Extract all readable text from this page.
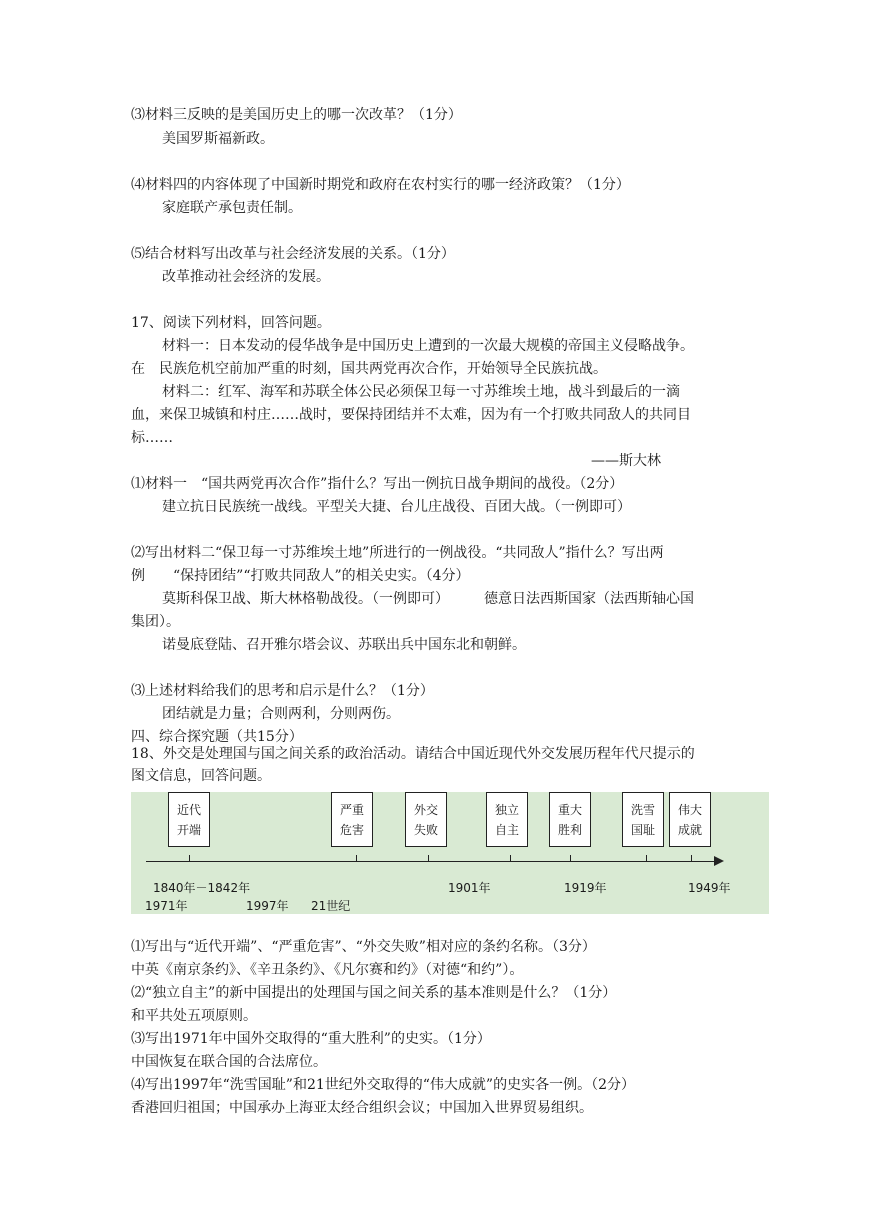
⑶材料三反映的是美国历史上的哪一次改革？（1分）
美国罗斯福新政。
⑷材料四的内容体现了中国新时期党和政府在农村实行的哪一经济政策？（1分）
家庭联产承包责任制。
⑸结合材料写出改革与社会经济发展的关系。（1分）
改革推动社会经济的发展。
17、阅读下列材料，回答问题。
材料一：日本发动的侵华战争是中国历史上遭到的一次最大规模的帝国主义侵略战争。
在　民族危机空前加严重的时刻，国共两党再次合作，开始领导全民族抗战。
材料二：红军、海军和苏联全体公民必须保卫每一寸苏维埃土地，战斗到最后的一滴
血，来保卫城镇和村庄……战时，要保持团结并不太难，因为有一个打败共同敌人的共同目
标……
——斯大林
⑴材料一　“国共两党再次合作”指什么？写出一例抗日战争期间的战役。（2分）
建立抗日民族统一战线。平型关大捷、台儿庄战役、百团大战。（一例即可）
⑵写出材料二“保卫每一寸苏维埃土地”所进行的一例战役。“共同敌人”指什么？写出两
例　　“保持团结”“打败共同敌人”的相关史实。（4分）
莫斯科保卫战、斯大林格勒战役。（一例即可）　　　德意日法西斯国家（法西斯轴心国
集团）。
诺曼底登陆、召开雅尔塔会议、苏联出兵中国东北和朝鲜。
⑶上述材料给我们的思考和启示是什么？（1分）
团结就是力量；合则两利，分则两伤。
四、综合探究题（共15分）
18、外交是处理国与国之间关系的政治活动。请结合中国近现代外交发展历程年代尺提示的
图文信息，回答问题。
近代
开端
严重
危害
外交
失败
独立
自主
重大
胜利
洗雪
国耻
伟大
成就
1840年－1842年	1901年	1919年	1949年
1971年	1997年 21世纪
⑴写出与“近代开端”、“严重危害”、“外交失败”相对应的条约名称。（3分）
中英《南京条约》、《辛丑条约》、《凡尔赛和约》（对德“和约”）。
⑵“独立自主”的新中国提出的处理国与国之间关系的基本准则是什么？（1分）
和平共处五项原则。
⑶写出1971年中国外交取得的“重大胜利”的史实。（1分）
中国恢复在联合国的合法席位。
⑷写出1997年“洗雪国耻”和21世纪外交取得的“伟大成就”的史实各一例。（2分）
香港回归祖国；中国承办上海亚太经合组织会议；中国加入世界贸易组织。
